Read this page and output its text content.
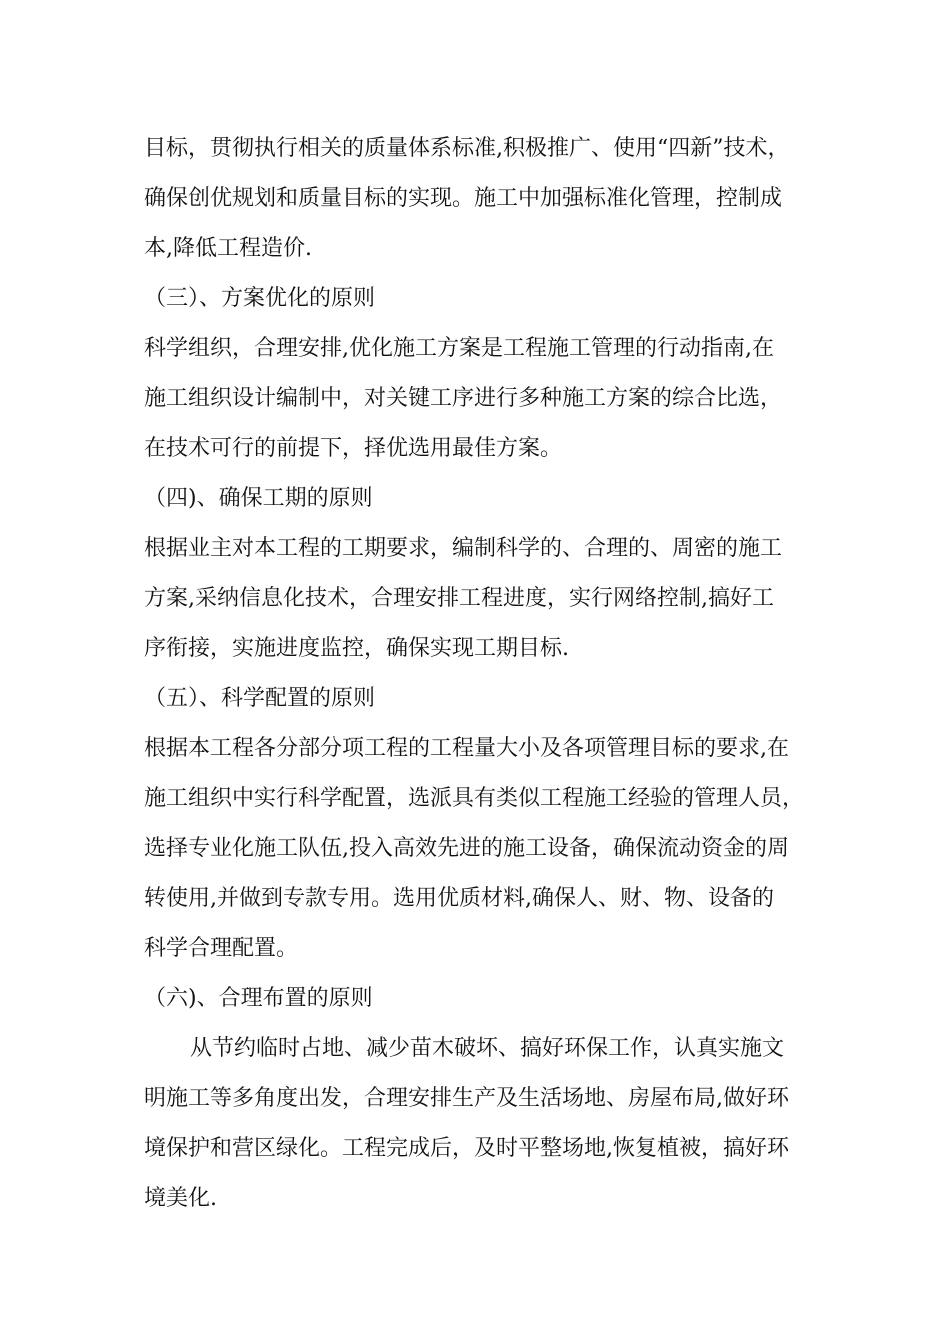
目标，贯彻执行相关的质量体系标准,积极推广、使用“四新”技术，
确保创优规划和质量目标的实现。施工中加强标准化管理，控制成
本,降低工程造价.
（三）、方案优化的原则
科学组织，合理安排,优化施工方案是工程施工管理的行动指南,在
施工组织设计编制中，对关键工序进行多种施工方案的综合比选，
在技术可行的前提下，择优选用最佳方案。
（四)、确保工期的原则
根据业主对本工程的工期要求，编制科学的、合理的、周密的施工
方案,采纳信息化技术，合理安排工程进度，实行网络控制,搞好工
序衔接，实施进度监控，确保实现工期目标.
（五）、科学配置的原则
根据本工程各分部分项工程的工程量大小及各项管理目标的要求,在
施工组织中实行科学配置，选派具有类似工程施工经验的管理人员，
选择专业化施工队伍,投入高效先进的施工设备，确保流动资金的周
转使用,并做到专款专用。选用优质材料,确保人、财、物、设备的
科学合理配置。
（六)、合理布置的原则
从节约临时占地、减少苗木破坏、搞好环保工作，认真实施文
明施工等多角度出发，合理安排生产及生活场地、房屋布局,做好环
境保护和营区绿化。工程完成后，及时平整场地,恢复植被，搞好环
境美化.
